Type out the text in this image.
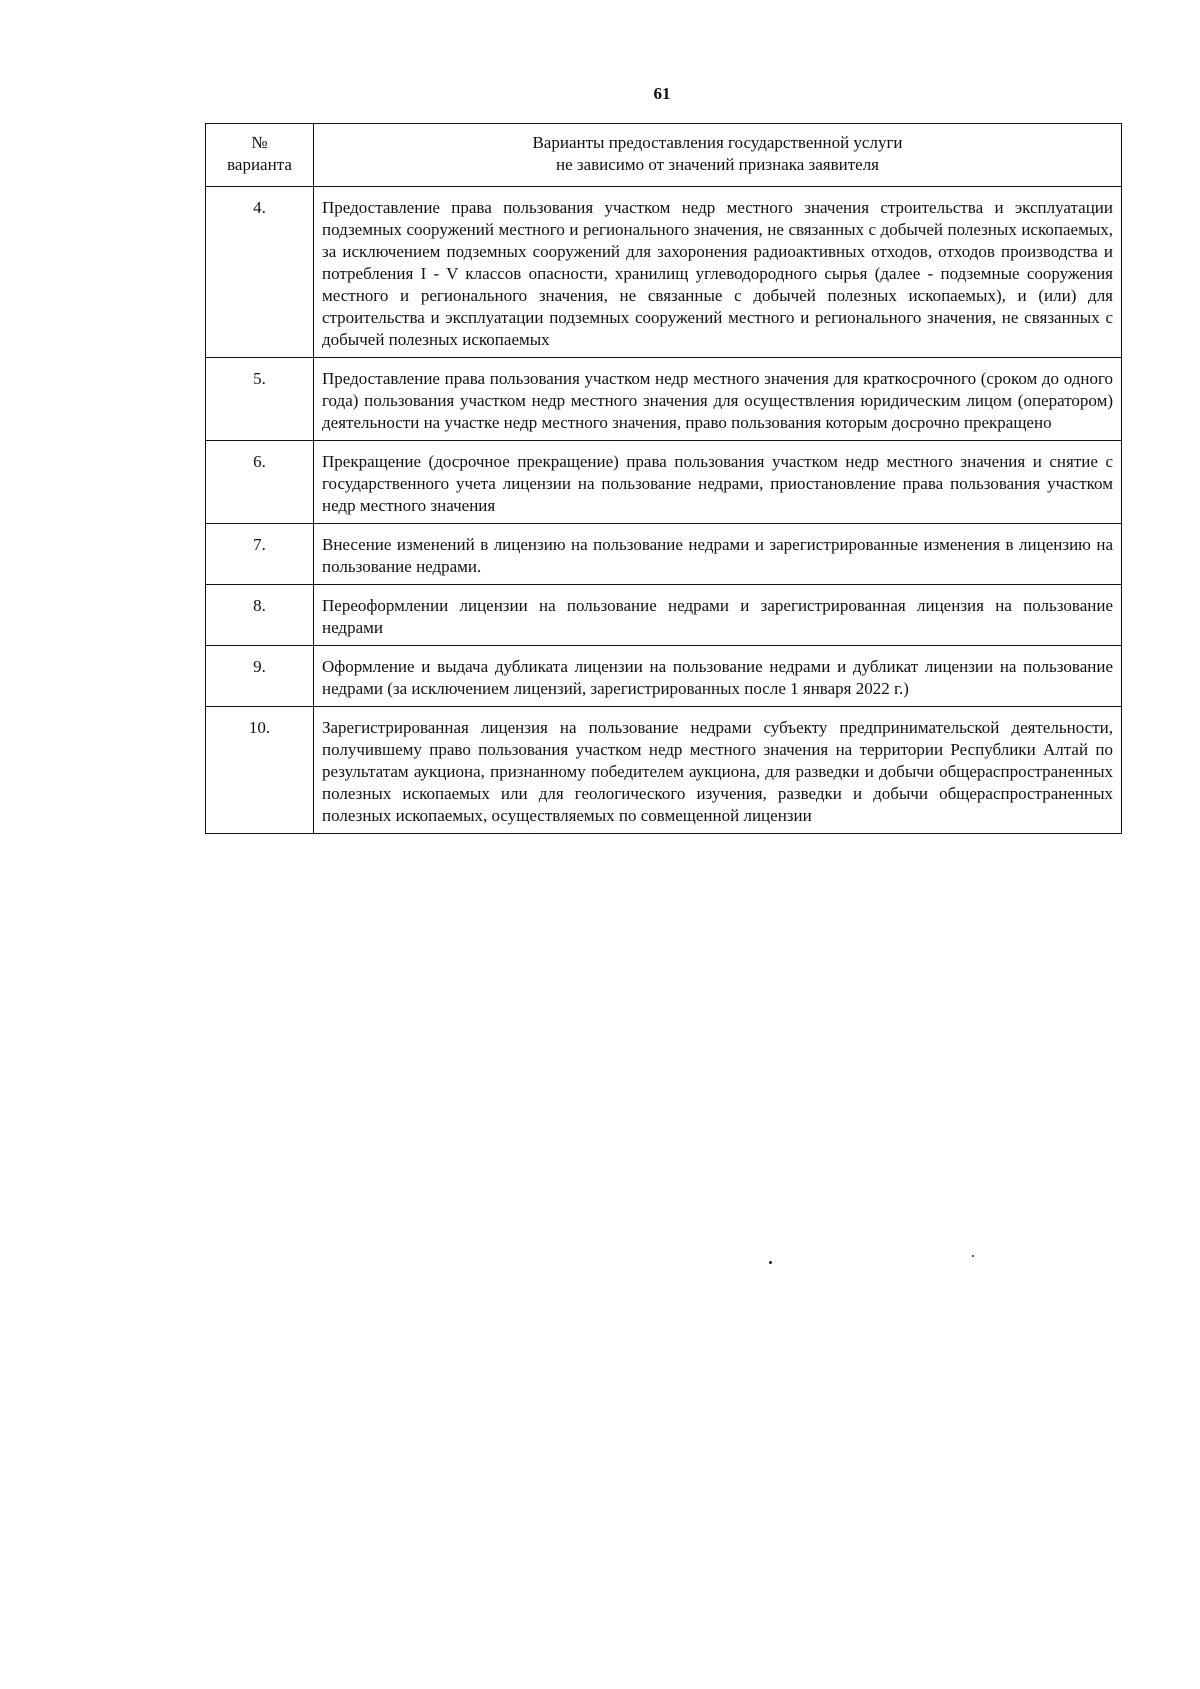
61
№
варианта	Варианты предоставления государственной услуги
не зависимо от значений признака заявителя

4.	Предоставление права пользования участком недр местного значения строительства и эксплуатации подземных сооружений местного и регионального значения, не связанных с добычей полезных ископаемых, за исключением подземных сооружений для захоронения радиоактивных отходов, отходов производства и потребления I - V классов опасности, хранилищ углеводородного сырья (далее - подземные сооружения местного и регионального значения, не связанные с добычей полезных ископаемых), и (или) для строительства и эксплуатации подземных сооружений местного и регионального значения, не связанных с добычей полезных ископаемых
5.	Предоставление права пользования участком недр местного значения для краткосрочного (сроком до одного года) пользования участком недр местного значения для осуществления юридическим лицом (оператором) деятельности на участке недр местного значения, право пользования которым досрочно прекращено
6.	Прекращение (досрочное прекращение) права пользования участком недр местного значения и снятие с государственного учета лицензии на пользование недрами, приостановление права пользования участком недр местного значения
7.	Внесение изменений в лицензию на пользование недрами и зарегистрированные изменения в лицензию на пользование недрами.
8.	Переоформлении лицензии на пользование недрами и зарегистрированная лицензия на пользование недрами
9.	Оформление и выдача дубликата лицензии на пользование недрами и дубликат лицензии на пользование недрами (за исключением лицензий, зарегистрированных после 1 января 2022 г.)
10.	Зарегистрированная лицензия на пользование недрами субъекту предпринимательской деятельности, получившему право пользования участком недр местного значения на территории Республики Алтай по результатам аукциона, признанному победителем аукциона, для разведки и добычи общераспространенных полезных ископаемых или для геологического изучения, разведки и добычи общераспространенных полезных ископаемых, осуществляемых по совмещенной лицензии
